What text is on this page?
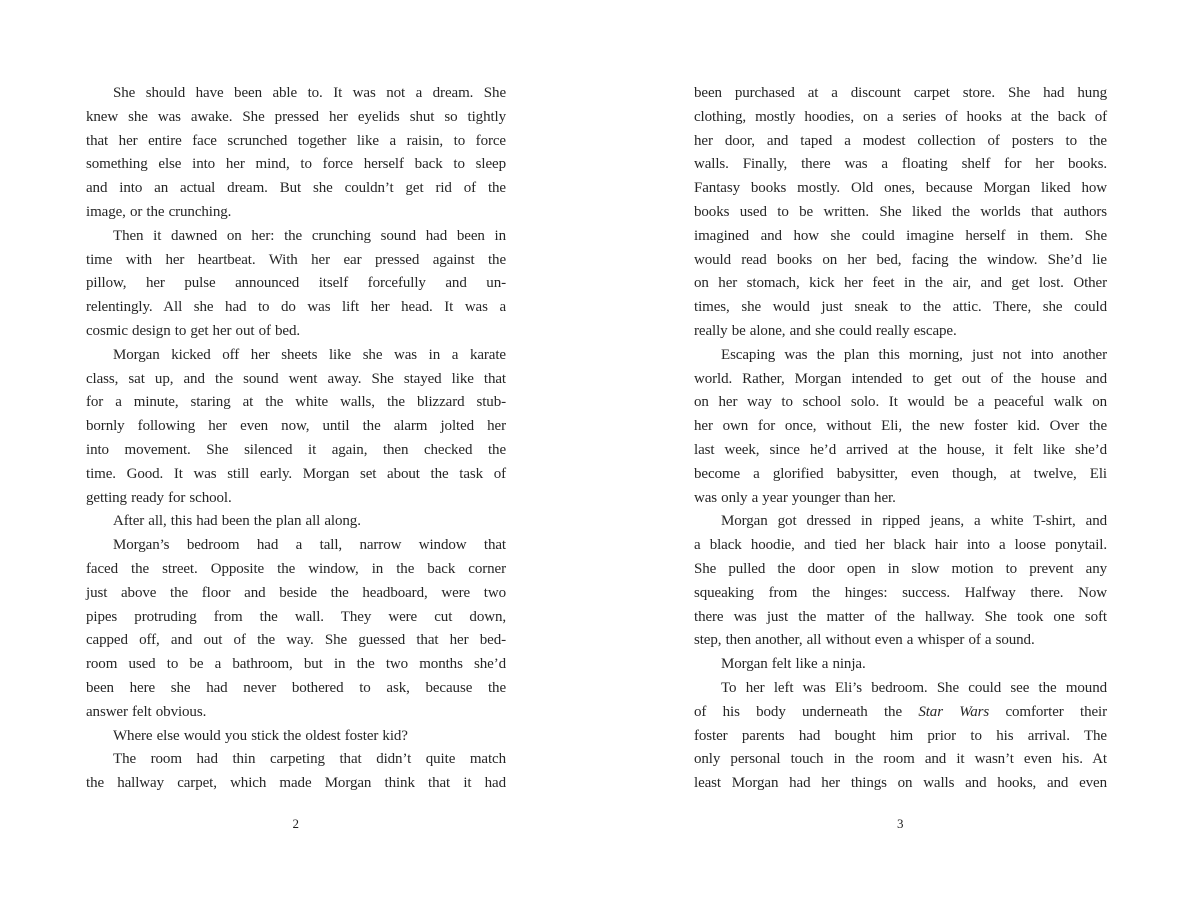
She should have been able to. It was not a dream. She
knew she was awake. She pressed her eyelids shut so tightly
that her entire face scrunched together like a raisin, to force
something else into her mind, to force herself back to sleep
and into an actual dream. But she couldn’t get rid of the
image, or the crunching.
Then it dawned on her: the crunching sound had been in
time with her heartbeat. With her ear pressed against the
pillow, her pulse announced itself forcefully and un-
relentingly. All she had to do was lift her head. It was a
cosmic design to get her out of bed.
Morgan kicked off her sheets like she was in a karate
class, sat up, and the sound went away. She stayed like that
for a minute, staring at the white walls, the blizzard stub-
bornly following her even now, until the alarm jolted her
into movement. She silenced it again, then checked the
time. Good. It was still early. Morgan set about the task of
getting ready for school.
After all, this had been the plan all along.
Morgan’s bedroom had a tall, narrow window that
faced the street. Opposite the window, in the back corner
just above the floor and beside the headboard, were two
pipes protruding from the wall. They were cut down,
capped off, and out of the way. She guessed that her bed-
room used to be a bathroom, but in the two months she’d
been here she had never bothered to ask, because the
answer felt obvious.
Where else would you stick the oldest foster kid?
The room had thin carpeting that didn’t quite match
the hallway carpet, which made Morgan think that it had
been purchased at a discount carpet store. She had hung
clothing, mostly hoodies, on a series of hooks at the back of
her door, and taped a modest collection of posters to the
walls. Finally, there was a floating shelf for her books.
Fantasy books mostly. Old ones, because Morgan liked how
books used to be written. She liked the worlds that authors
imagined and how she could imagine herself in them. She
would read books on her bed, facing the window. She’d lie
on her stomach, kick her feet in the air, and get lost. Other
times, she would just sneak to the attic. There, she could
really be alone, and she could really escape.
Escaping was the plan this morning, just not into another
world. Rather, Morgan intended to get out of the house and
on her way to school solo. It would be a peaceful walk on
her own for once, without Eli, the new foster kid. Over the
last week, since he’d arrived at the house, it felt like she’d
become a glorified babysitter, even though, at twelve, Eli
was only a year younger than her.
Morgan got dressed in ripped jeans, a white T-shirt, and
a black hoodie, and tied her black hair into a loose ponytail.
She pulled the door open in slow motion to prevent any
squeaking from the hinges: success. Halfway there. Now
there was just the matter of the hallway. She took one soft
step, then another, all without even a whisper of a sound.
Morgan felt like a ninja.
To her left was Eli’s bedroom. She could see the mound
of his body underneath the Star Wars comforter their
foster parents had bought him prior to his arrival. The
only personal touch in the room and it wasn’t even his. At
least Morgan had her things on walls and hooks, and even
2	3
